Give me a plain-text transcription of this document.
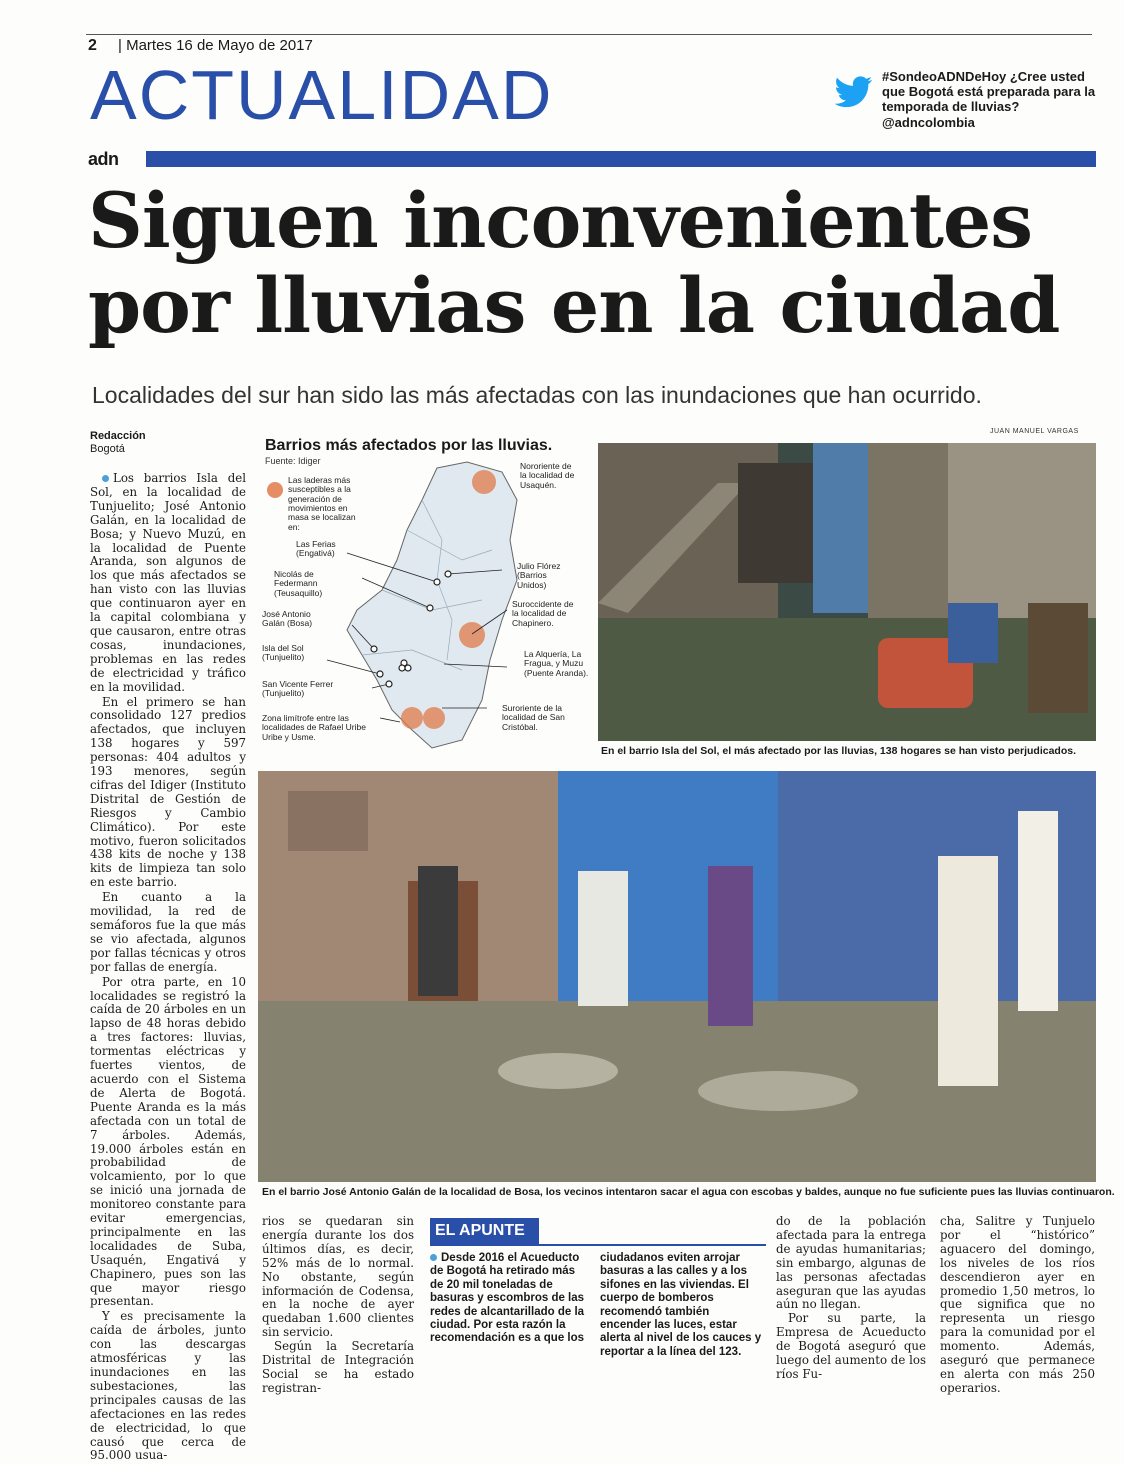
2 | Martes 16 de Mayo de 2017
ACTUALIDAD	#SondeoADNDeHoy ¿Cree usted
que Bogotá está preparada para la
temporada de lluvias?
@adncolombia
adn
Siguen inconvenientes
por lluvias en la ciudad
Localidades del sur han sido las más afectadas con las inundaciones que han ocurrido.
Redacción
Bogotá

Los barrios Isla del Sol, en la localidad de Tunjuelito; José Antonio Galán, en la localidad de Bosa; y Nuevo Muzú, en la localidad de Puente Aranda, son algunos de los que más afectados se han visto con las lluvias que continuaron ayer en la capital colombiana y que causaron, entre otras cosas, inundaciones, problemas en las redes de electricidad y tráfico en la movilidad.

En el primero se han consolidado 127 predios afectados, que incluyen 138 hogares y 597 personas: 404 adultos y 193 menores, según cifras del Idiger (Instituto Distrital de Gestión de Riesgos y Cambio Climático). Por este motivo, fueron solicitados 438 kits de noche y 138 kits de limpieza tan solo en este barrio.

En cuanto a la movilidad, la red de semáforos fue la que más se vio afectada, algunos por fallas técnicas y otros por fallas de energía.

Por otra parte, en 10 localidades se registró la caída de 20 árboles en un lapso de 48 horas debido a tres factores: lluvias, tormentas eléctricas y fuertes vientos, de acuerdo con el Sistema de Alerta de Bogotá. Puente Aranda es la más afectada con un total de 7 árboles. Además, 19.000 árboles están en probabilidad de volcamiento, por lo que se inició una jornada de monitoreo constante para evitar emergencias, principalmente en las localidades de Suba, Usaquén, Engativá y Chapinero, pues son las que mayor riesgo presentan.

Y es precisamente la caída de árboles, junto con las descargas atmosféricas y las inundaciones en las subestaciones, las principales causas de las afectaciones en las redes de electricidad, lo que causó que cerca de 95.000 usua-

Barrios más afectados por las lluvias.
Fuente: Idiger
Las laderas más susceptibles a la generación de movimientos en masa se localizan en:
Las Ferias (Engativá)
Nicolás de Federmann (Teusaquillo)
José Antonio Galán (Bosa)
Isla del Sol (Tunjuelito)
San Vicente Ferrer (Tunjuelito)
Zona limítrofe entre las localidades de Rafael Uribe Uribe y Usme.
Nororiente de la localidad de Usaquén.
Julio Flórez (Barrios Unidos)
Suroccidente de la localidad de Chapinero.
La Alquería, La Fragua, y Muzu (Puente Aranda).
Suroriente de la localidad de San Cristóbal.
JUAN MANUEL VARGAS
En el barrio Isla del Sol, el más afectado por las lluvias, 138 hogares se han visto perjudicados.
En el barrio José Antonio Galán de la localidad de Bosa, los vecinos intentaron sacar el agua con escobas y baldes, aunque no fue suficiente pues las lluvias continuaron.

rios se quedaran sin energía durante los dos últimos días, es decir, 52% más de lo normal. No obstante, según información de Codensa, en la noche de ayer quedaban 1.600 clientes sin servicio.

Según la Secretaría Distrital de Integración Social se ha estado registran-

EL APUNTE
Desde 2016 el Acueducto de Bogotá ha retirado más de 20 mil toneladas de basuras y escombros de las redes de alcantarillado de la ciudad. Por esta razón la recomendación es a que los
ciudadanos eviten arrojar basuras a las calles y a los sifones en las viviendas. El cuerpo de bomberos recomendó también encender las luces, estar alerta al nivel de los cauces y reportar a la línea del 123.

do de la población afectada para la entrega de ayudas humanitarias; sin embargo, algunas de las personas afectadas aseguran que las ayudas aún no llegan.

Por su parte, la Empresa de Acueducto de Bogotá aseguró que luego del aumento de los ríos Fu-

cha, Salitre y Tunjuelo por el “histórico” aguacero del domingo, los niveles de los ríos descendieron ayer en promedio 1,50 metros, lo que significa que no representa un riesgo para la comunidad por el momento. Además, aseguró que permanece en alerta con más 250 operarios.
